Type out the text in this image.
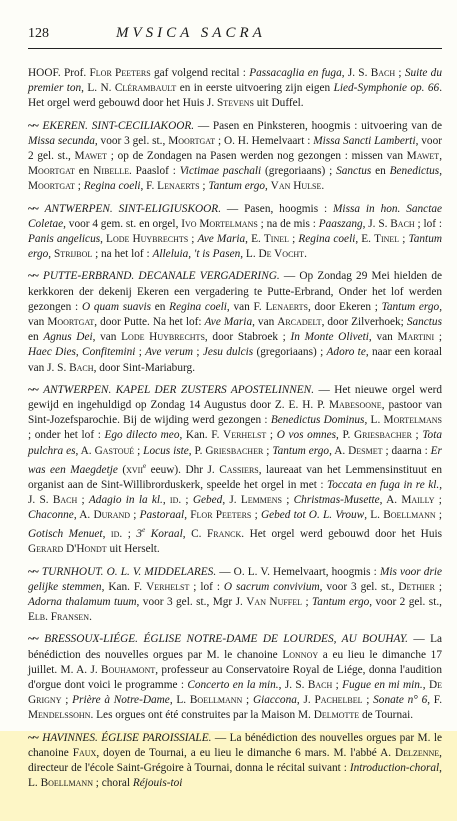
128	MVSICA SACRA

HOOF. Prof. Flor Peeters gaf volgend recital : Passacaglia en fuga, J. S. Bach ; Suite du premier ton, L. N. Clérambault en in eerste uitvoering zijn eigen Lied-Symphonie op. 66. Het orgel werd gebouwd door het Huis J. Stevens uit Duffel.

~~ EKEREN. SINT-CECILIAKOOR. — Pasen en Pinksteren, hoogmis : uitvoering van de Missa secunda, voor 3 gel. st., Moortgat ; O. H. Hemelvaart : Missa Sancti Lamberti, voor 2 gel. st., Mawet ; op de Zondagen na Pasen werden nog gezongen : missen van Mawet, Moortgat en Nibelle. Paaslof : Victimae paschali (gregoriaans) ; Sanctus en Benedictus, Moortgat ; Regina coeli, F. Lenaerts ; Tantum ergo, Van Hulse.

~~ ANTWERPEN. SINT-ELIGIUSKOOR. — Pasen, hoogmis : Missa in hon. Sanctae Coletae, voor 4 gem. st. en orgel, Ivo Mortelmans ; na de mis : Paaszang, J. S. Bach ; lof : Panis angelicus, Lode Huybrechts ; Ave Maria, E. Tinel ; Regina coeli, E. Tinel ; Tantum ergo, Strijbol ; na het lof : Alleluia, 't is Pasen, L. De Vocht.

~~ PUTTE-ERBRAND. DECANALE VERGADERING. — Op Zondag 29 Mei hielden de kerkkoren der dekenij Ekeren een vergadering te Putte-Erbrand, Onder het lof werden gezongen : O quam suavis en Regina coeli, van F. Lenaerts, door Ekeren ; Tantum ergo, van Moortgat, door Putte. Na het lof: Ave Maria, van Arcadelt, door Zilverhoek; Sanctus en Agnus Dei, van Lode Huybrechts, door Stabroek ; In Monte Oliveti, van Martini ; Haec Dies, Confitemini ; Ave verum ; Jesu dulcis (gregoriaans) ; Adoro te, naar een koraal van J. S. Bach, door Sint-Mariaburg.

~~ ANTWERPEN. KAPEL DER ZUSTERS APOSTELINNEN. — Het nieuwe orgel werd gewijd en ingehuldigd op Zondag 14 Augustus door Z. E. H. P. Mabesoone, pastoor van Sint-Jozefsparochie. Bij de wijding werd gezongen : Benedictus Dominus, L. Mortelmans ; onder het lof : Ego dilecto meo, Kan. F. Verhelst ; O vos omnes, P. Griesbacher ; Tota pulchra es, A. Gastoué ; Locus iste, P. Griesbacher ; Tantum ergo, A. Desmet ; daarna : Er was een Maegdetje (xvii$^e$ eeuw). Dhr J. Cassiers, laureaat van het Lemmensinstituut en organist aan de Sint-Willibrorduskerk, speelde het orgel in met : Toccata en fuga in re kl., J. S. Bach ; Adagio in la kl., id. ; Gebed, J. Lemmens ; Christmas-Musette, A. Mailly ; Chaconne, A. Durand ; Pastoraal, Flor Peeters ; Gebed tot O. L. Vrouw, L. Boellmann ; Gotisch Menuet, id. ; 3e Koraal, C. Franck. Het orgel werd gebouwd door het Huis Gerard D'Hondt uit Herselt.

~~ TURNHOUT. O. L. V. MIDDELARES. — O. L. V. Hemelvaart, hoogmis : Mis voor drie gelijke stemmen, Kan. F. Verhelst ; lof : O sacrum convivium, voor 3 gel. st., Dethier ; Adorna thalamum tuum, voor 3 gel. st., Mgr J. Van Nuffel ; Tantum ergo, voor 2 gel. st., Elb. Fransen.

~~ BRESSOUX-LIÉGE. ÉGLISE NOTRE-DAME DE LOURDES, AU BOUHAY. — La bénédiction des nouvelles orgues par M. le chanoine Lonnoy a eu lieu le dimanche 17 juillet. M. A. J. Bouhamont, professeur au Conservatoire Royal de Liége, donna l'audition d'orgue dont voici le programme : Concerto en la min., J. S. Bach ; Fugue en mi min., De Grigny ; Prière à Notre-Dame, L. Boellmann ; Giaccona, J. Pachelbel ; Sonate n° 6, F. Mendelssohn. Les orgues ont été construites par la Maison M. Delmotte de Tournai.

~~ HAVINNES. ÉGLISE PAROISSIALE. — La bénédiction des nouvelles orgues par M. le chanoine Faux, doyen de Tournai, a eu lieu le dimanche 6 mars. M. l'abbé A. Delzenne, directeur de l'école Saint-Grégoire à Tournai, donna le récital suivant : Introduction-choral, L. Boellmann ; choral Réjouis-toi
